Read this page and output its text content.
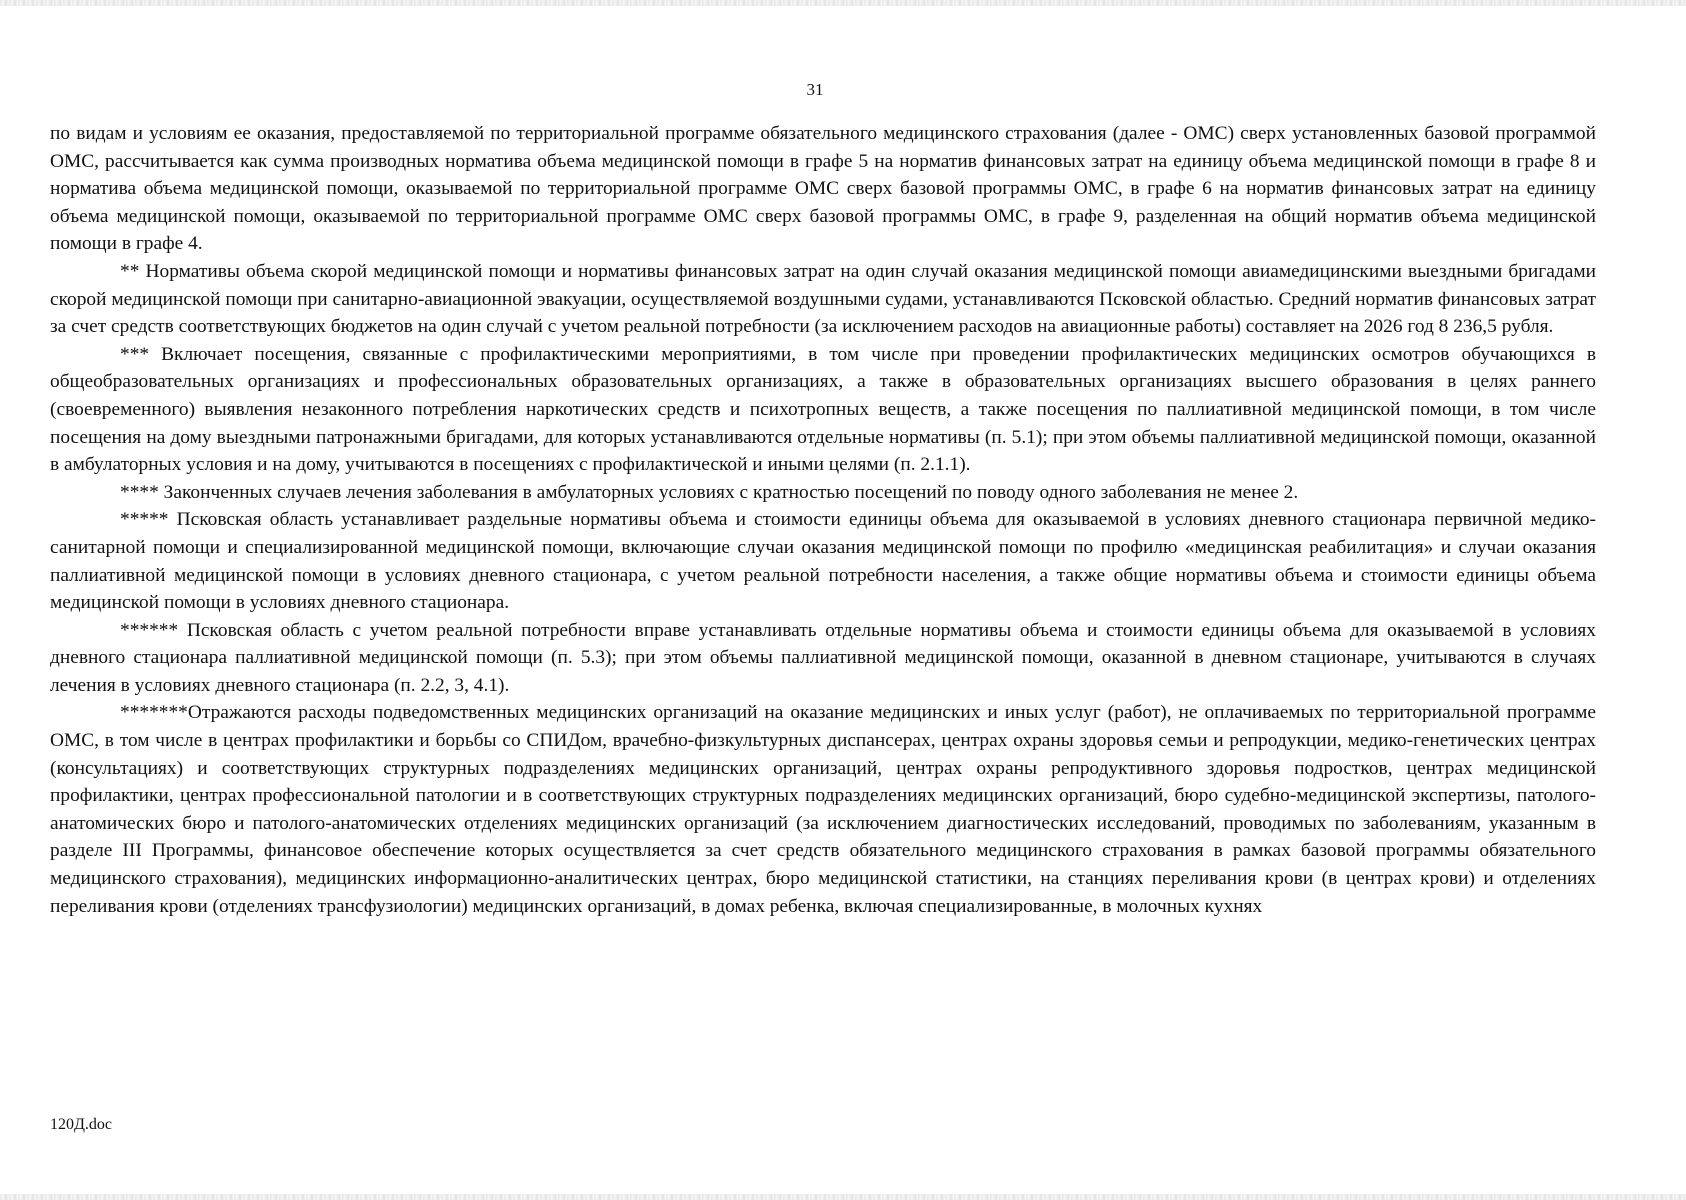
31

по видам и условиям ее оказания, предоставляемой по территориальной программе обязательного медицинского страхования (далее - ОМС) сверх установленных базовой программой ОМС, рассчитывается как сумма производных норматива объема медицинской помощи в графе 5 на норматив финансовых затрат на единицу объема медицинской помощи в графе 8 и норматива объема медицинской помощи, оказываемой по территориальной программе ОМС сверх базовой программы ОМС, в графе 6 на норматив финансовых затрат на единицу объема медицинской помощи, оказываемой по территориальной программе ОМС сверх базовой программы ОМС, в графе 9, разделенная на общий норматив объема медицинской помощи в графе 4.

** Нормативы объема скорой медицинской помощи и нормативы финансовых затрат на один случай оказания медицинской помощи авиамедицинскими выездными бригадами скорой медицинской помощи при санитарно-авиационной эвакуации, осуществляемой воздушными судами, устанавливаются Псковской областью. Средний норматив финансовых затрат за счет средств соответствующих бюджетов на один случай с учетом реальной потребности (за исключением расходов на авиационные работы) составляет на 2026 год 8 236,5 рубля.

*** Включает посещения, связанные с профилактическими мероприятиями, в том числе при проведении профилактических медицинских осмотров обучающихся в общеобразовательных организациях и профессиональных образовательных организациях, а также в образовательных организациях высшего образования в целях раннего (своевременного) выявления незаконного потребления наркотических средств и психотропных веществ, а также посещения по паллиативной медицинской помощи, в том числе посещения на дому выездными патронажными бригадами, для которых устанавливаются отдельные нормативы (п. 5.1); при этом объемы паллиативной медицинской помощи, оказанной в амбулаторных условия и на дому, учитываются в посещениях с профилактической и иными целями (п. 2.1.1).

**** Законченных случаев лечения заболевания в амбулаторных условиях с кратностью посещений по поводу одного заболевания не менее 2.

***** Псковская область устанавливает раздельные нормативы объема и стоимости единицы объема для оказываемой в условиях дневного стационара первичной медико-санитарной помощи и специализированной медицинской помощи, включающие случаи оказания медицинской помощи по профилю «медицинская реабилитация» и случаи оказания паллиативной медицинской помощи в условиях дневного стационара, с учетом реальной потребности населения, а также общие нормативы объема и стоимости единицы объема медицинской помощи в условиях дневного стационара.

****** Псковская область с учетом реальной потребности вправе устанавливать отдельные нормативы объема и стоимости единицы объема для оказываемой в условиях дневного стационара паллиативной медицинской помощи (п. 5.3); при этом объемы паллиативной медицинской помощи, оказанной в дневном стационаре, учитываются в случаях лечения в условиях дневного стационара (п. 2.2, 3, 4.1).

*******Отражаются расходы подведомственных медицинских организаций на оказание медицинских и иных услуг (работ), не оплачиваемых по территориальной программе ОМС, в том числе в центрах профилактики и борьбы со СПИДом, врачебно-физкультурных диспансерах, центрах охраны здоровья семьи и репродукции, медико-генетических центрах (консультациях) и соответствующих структурных подразделениях медицинских организаций, центрах охраны репродуктивного здоровья подростков, центрах медицинской профилактики, центрах профессиональной патологии и в соответствующих структурных подразделениях медицинских организаций, бюро судебно-медицинской экспертизы, патолого-анатомических бюро и патолого-анатомических отделениях медицинских организаций (за исключением диагностических исследований, проводимых по заболеваниям, указанным в разделе III Программы, финансовое обеспечение которых осуществляется за счет средств обязательного медицинского страхования в рамках базовой программы обязательного медицинского страхования), медицинских информационно-аналитических центрах, бюро медицинской статистики, на станциях переливания крови (в центрах крови) и отделениях переливания крови (отделениях трансфузиологии) медицинских организаций, в домах ребенка, включая специализированные, в молочных кухнях

120Д.doc
